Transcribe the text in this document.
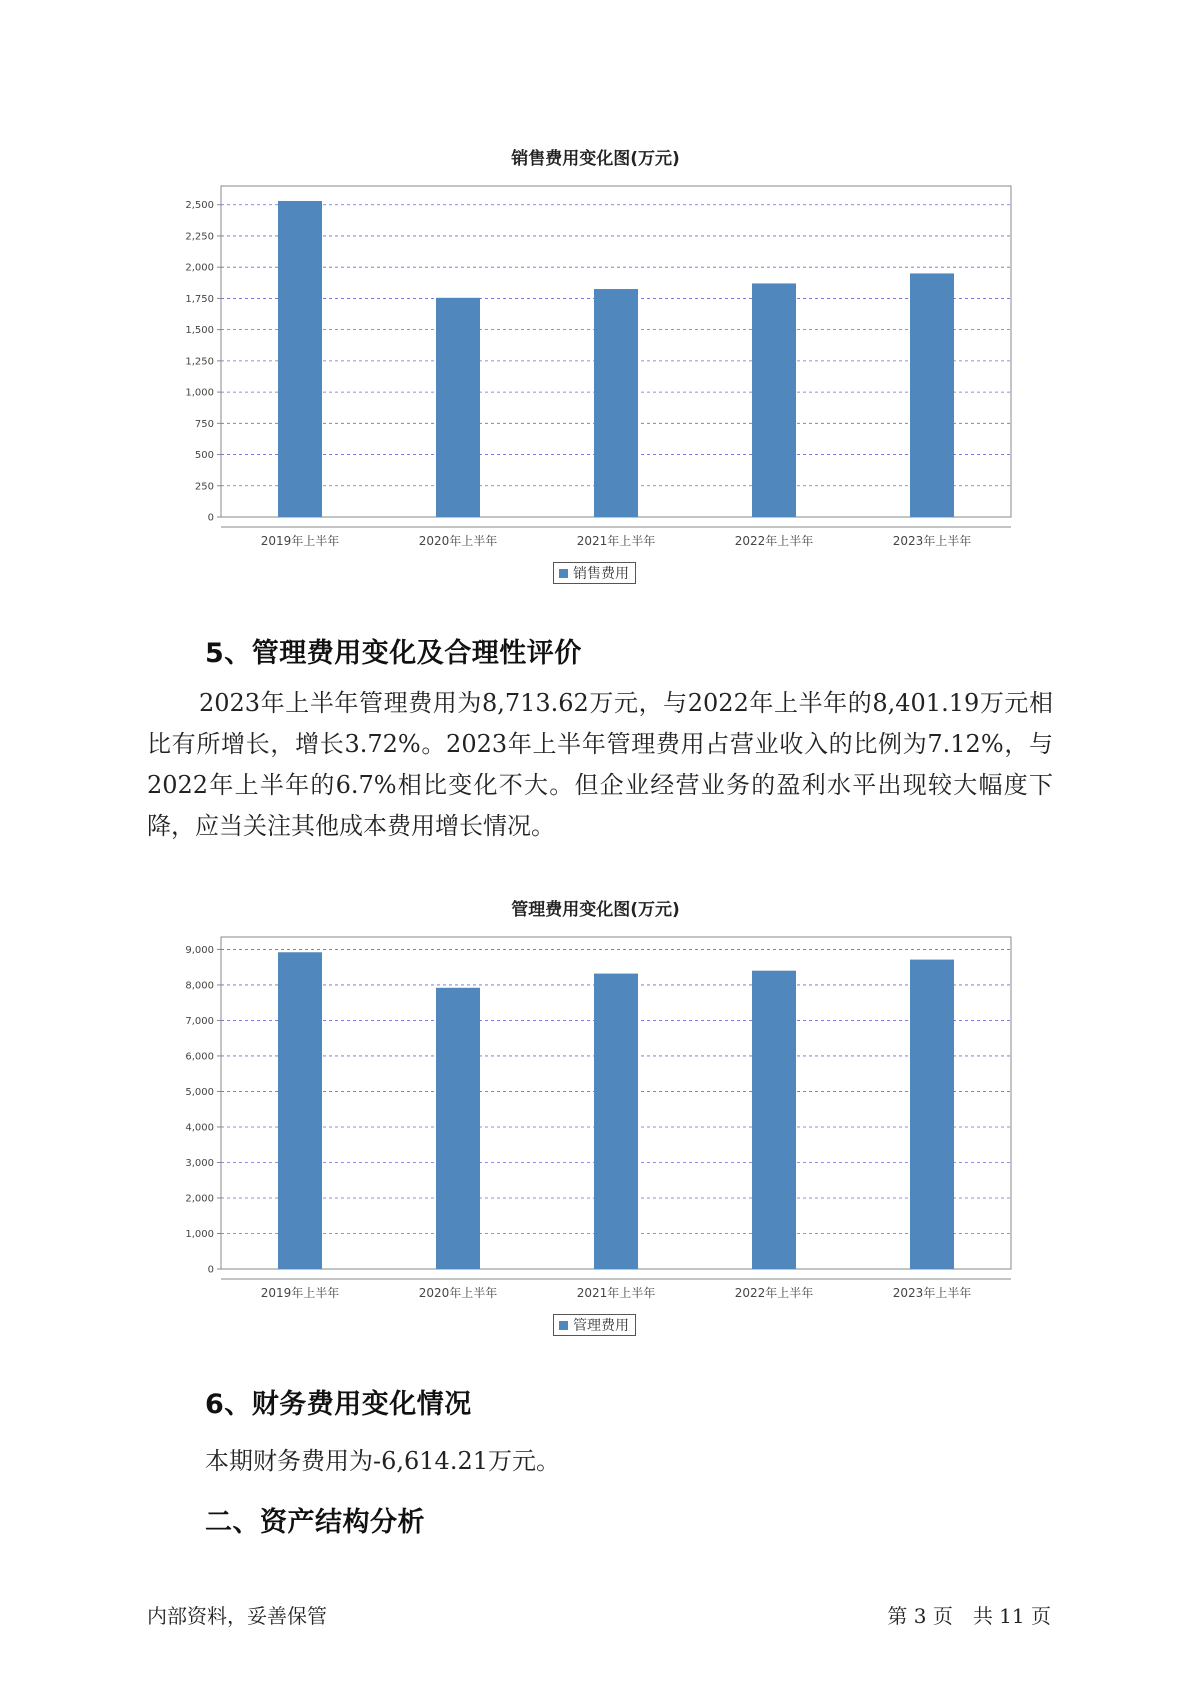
销售费用变化图(万元)
0
250
500
750
1,000
1,250
1,500
1,750
2,000
2,250
2,500
2019年上半年	2020年上半年	2021年上半年	2022年上半年	2023年上半年
销售费用
5、管理费用变化及合理性评价
2023年上半年管理费用为8,713.62万元，与2022年上半年的8,401.19万元相比有所增长，增长3.72%。2023年上半年管理费用占营业收入的比例为7.12%，与2022年上半年的6.7%相比变化不大。但企业经营业务的盈利水平出现较大幅度下降，应当关注其他成本费用增长情况。
管理费用变化图(万元)
0
1,000
2,000
3,000
4,000
5,000
6,000
7,000
8,000
9,000
2019年上半年	2020年上半年	2021年上半年	2022年上半年	2023年上半年
管理费用
6、财务费用变化情况
本期财务费用为-6,614.21万元。
二、资产结构分析
内部资料，妥善保管	第 3 页　共 11 页
